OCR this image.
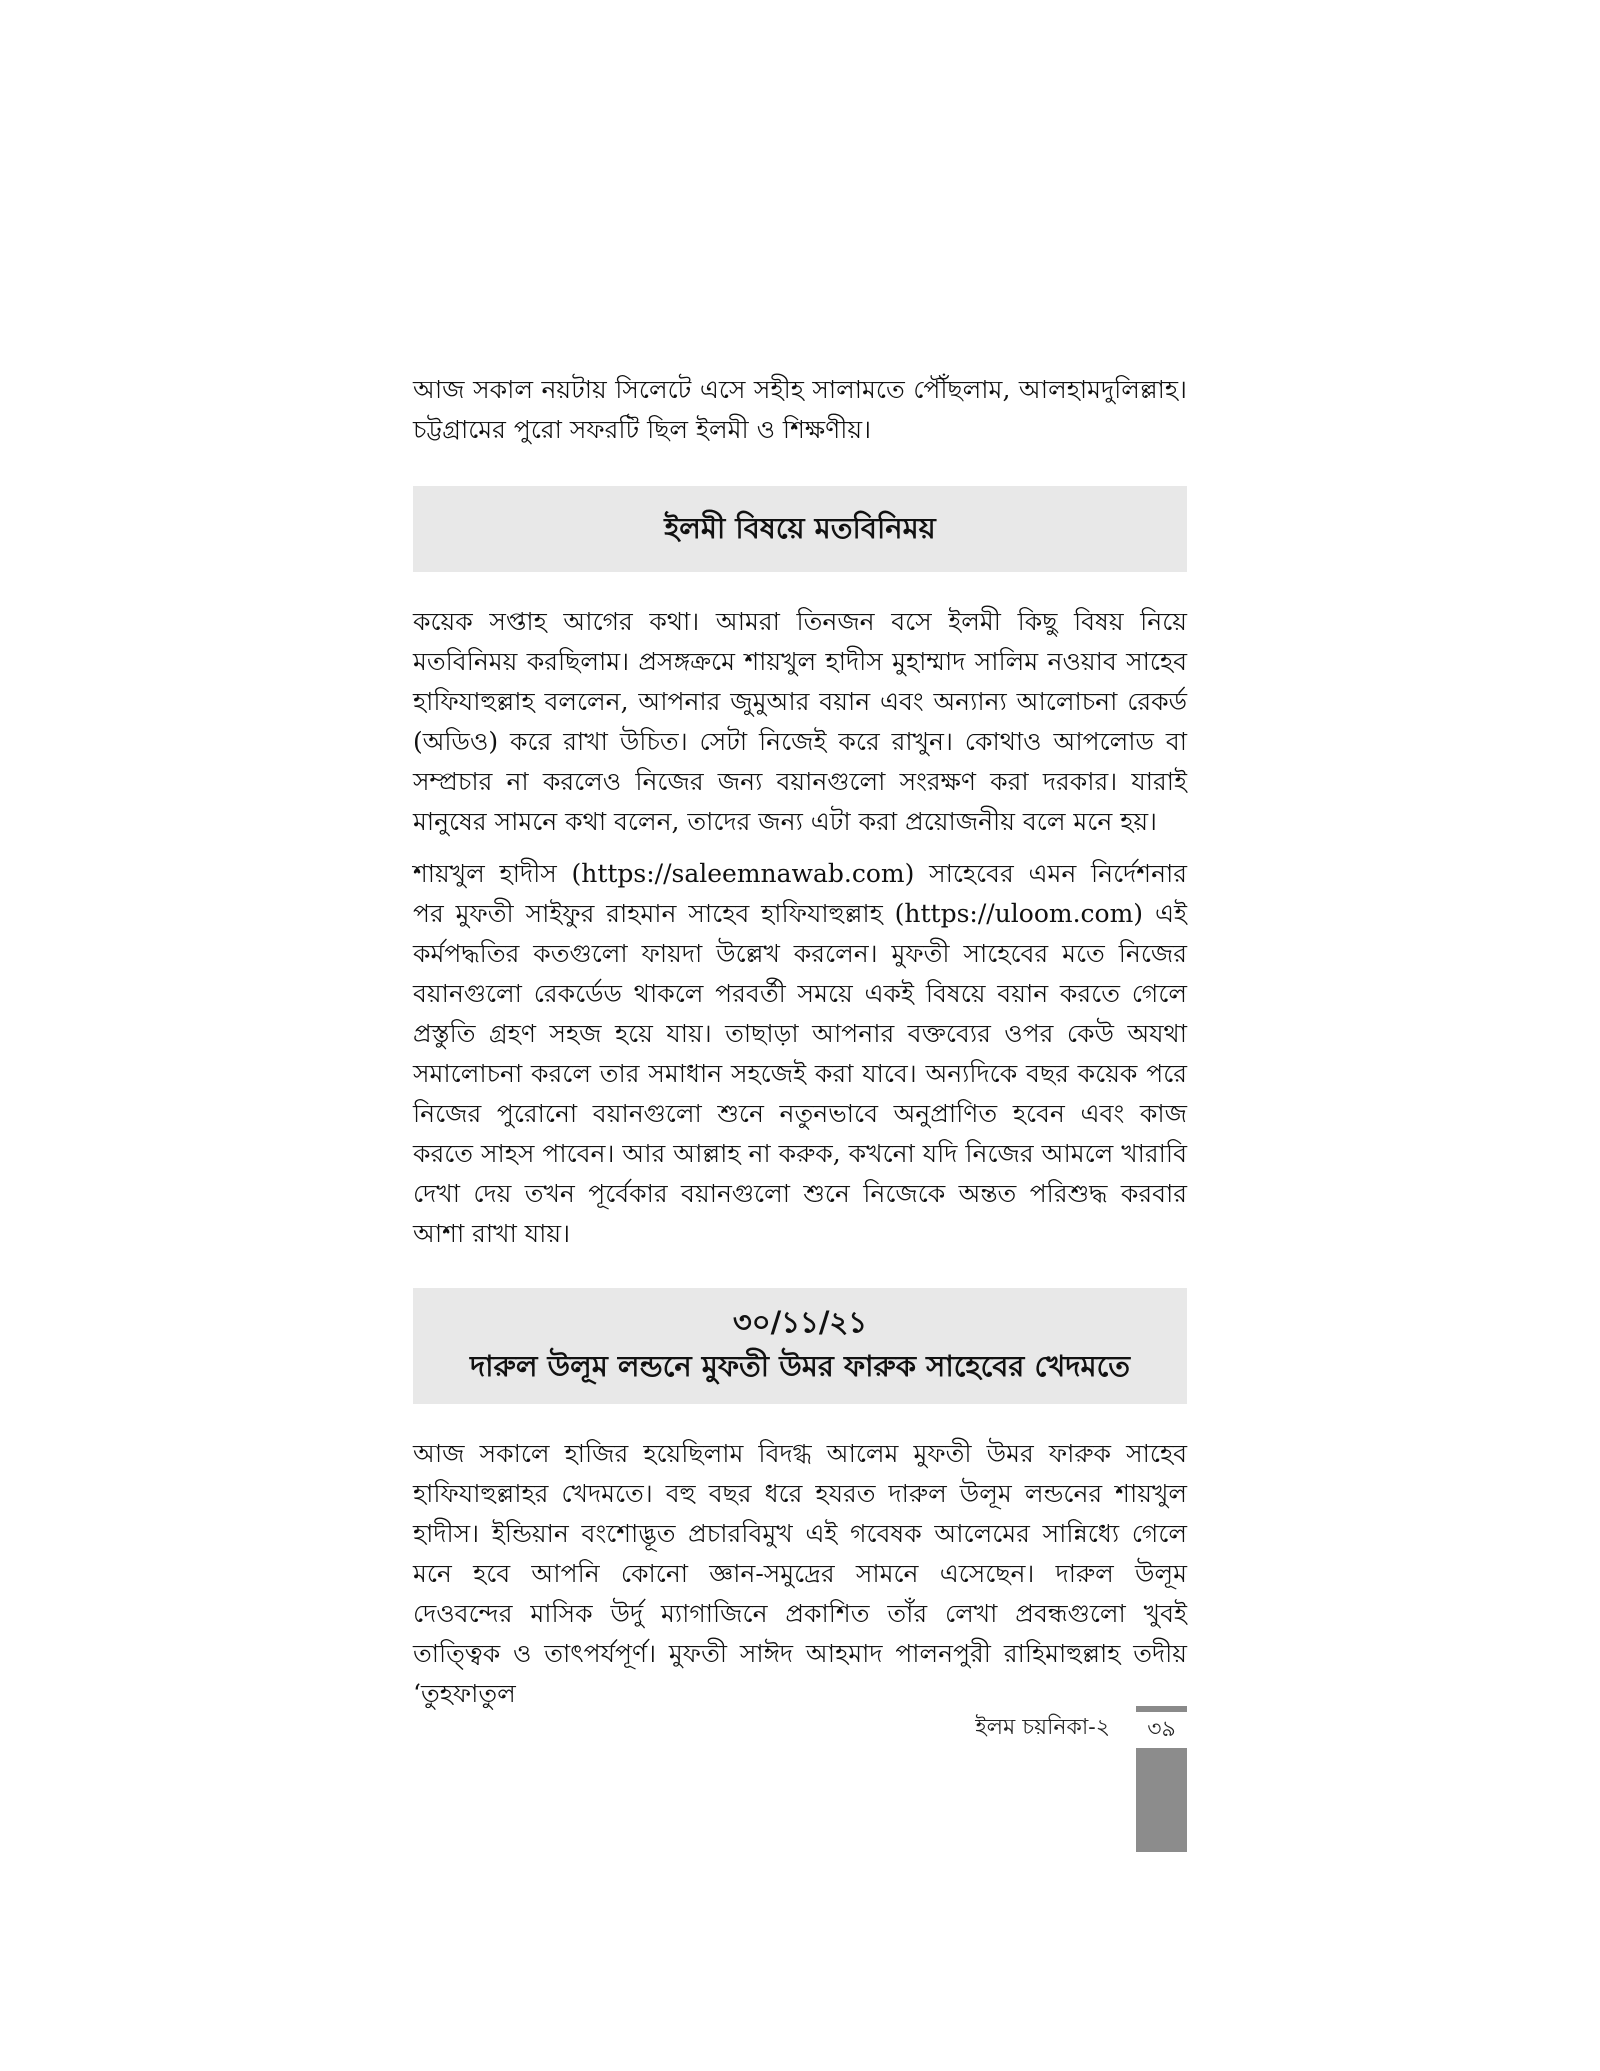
আজ সকাল নয়টায় সিলেটে এসে সহীহ সালামতে পৌঁছলাম, আলহামদুলিল্লাহ। চট্টগ্রামের পুরো সফরটি ছিল ইলমী ও শিক্ষণীয়।

ইলমী বিষয়ে মতবিনিময়

কয়েক সপ্তাহ আগের কথা। আমরা তিনজন বসে ইলমী কিছু বিষয় নিয়ে মতবিনিময় করছিলাম। প্রসঙ্গক্রমে শায়খুল হাদীস মুহাম্মাদ সালিম নওয়াব সাহেব হাফিযাহুল্লাহ বললেন, আপনার জুমুআর বয়ান এবং অন্যান্য আলোচনা রেকর্ড (অডিও) করে রাখা উচিত। সেটা নিজেই করে রাখুন। কোথাও আপলোড বা সম্প্রচার না করলেও নিজের জন্য বয়ানগুলো সংরক্ষণ করা দরকার। যারাই মানুষের সামনে কথা বলেন, তাদের জন্য এটা করা প্রয়োজনীয় বলে মনে হয়।

শায়খুল হাদীস (https://saleemnawab.com) সাহেবের এমন নির্দেশনার পর মুফতী সাইফুর রাহমান সাহেব হাফিযাহুল্লাহ (https://uloom.com) এই কর্মপদ্ধতির কতগুলো ফায়দা উল্লেখ করলেন। মুফতী সাহেবের মতে নিজের বয়ানগুলো রেকর্ডেড থাকলে পরবর্তী সময়ে একই বিষয়ে বয়ান করতে গেলে প্রস্তুতি গ্রহণ সহজ হয়ে যায়। তাছাড়া আপনার বক্তব্যের ওপর কেউ অযথা সমালোচনা করলে তার সমাধান সহজেই করা যাবে। অন্যদিকে বছর কয়েক পরে নিজের পুরোনো বয়ানগুলো শুনে নতুনভাবে অনুপ্রাণিত হবেন এবং কাজ করতে সাহস পাবেন। আর আল্লাহ না করুক, কখনো যদি নিজের আমলে খারাবি দেখা দেয় তখন পূর্বেকার বয়ানগুলো শুনে নিজেকে অন্তত পরিশুদ্ধ করবার আশা রাখা যায়।

৩০/১১/২১
দারুল উলূম লন্ডনে মুফতী উমর ফারুক সাহেবের খেদমতে

আজ সকালে হাজির হয়েছিলাম বিদগ্ধ আলেম মুফতী উমর ফারুক সাহেব হাফিযাহুল্লাহর খেদমতে। বহু বছর ধরে হযরত দারুল উলূম লন্ডনের শায়খুল হাদীস। ইন্ডিয়ান বংশোদ্ভূত প্রচারবিমুখ এই গবেষক আলেমের সান্নিধ্যে গেলে মনে হবে আপনি কোনো জ্ঞান-সমুদ্রের সামনে এসেছেন। দারুল উলূম দেওবন্দের মাসিক উর্দু ম্যাগাজিনে প্রকাশিত তাঁর লেখা প্রবন্ধগুলো খুবই তাত্ত্বিক ও তাৎপর্যপূর্ণ। মুফতী সাঈদ আহমাদ পালনপুরী রাহিমাহুল্লাহ তদীয় ‘তুহফাতুল

ইলম চয়নিকা-২	৩৯
